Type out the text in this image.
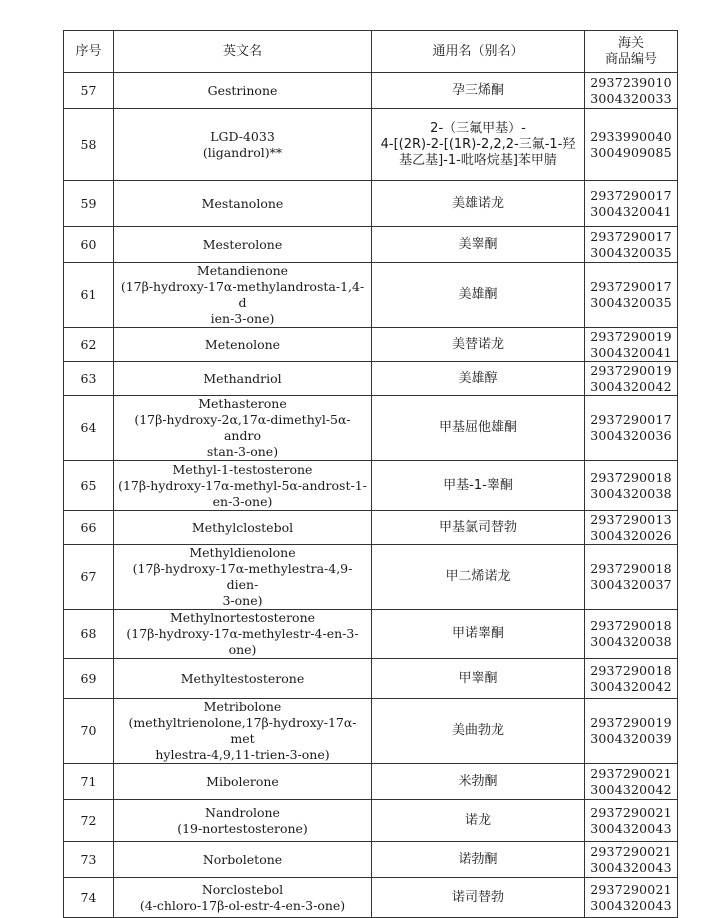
序号	英文名	通用名（别名）	海关
商品编号

57	Gestrinone	孕三烯酮	2937239010
3004320033

58	LGD-4033
(ligandrol)**	2-（三氟甲基）-
4-[(2R)-2-[(1R)-2,2,2-三氟-1-羟
基乙基]-1-吡咯烷基]苯甲腈	2933990040
3004909085

59	Mestanolone	美雄诺龙	2937290017
3004320041

60	Mesterolone	美睾酮	2937290017
3004320035

61	Metandienone
(17β-hydroxy-17α-methylandrosta-1,4-d
ien-3-one)	美雄酮	2937290017
3004320035

62	Metenolone	美替诺龙	2937290019
3004320041

63	Methandriol	美雄醇	2937290019
3004320042

64	Methasterone
(17β-hydroxy-2α,17α-dimethyl-5α-andro
stan-3-one)	甲基屈他雄酮	2937290017
3004320036

65	Methyl-1-testosterone
(17β-hydroxy-17α-methyl-5α-androst-1-
en-3-one)	甲基-1-睾酮	2937290018
3004320038

66	Methylclostebol	甲基氯司替勃	2937290013
3004320026

67	Methyldienolone
(17β-hydroxy-17α-methylestra-4,9-dien-
3-one)	甲二烯诺龙	2937290018
3004320037

68	Methylnortestosterone
(17β-hydroxy-17α-methylestr-4-en-3-one)	甲诺睾酮	2937290018
3004320038

69	Methyltestosterone	甲睾酮	2937290018
3004320042

70	Metribolone
(methyltrienolone,17β-hydroxy-17α-met
hylestra-4,9,11-trien-3-one)	美曲勃龙	2937290019
3004320039

71	Mibolerone	米勃酮	2937290021
3004320042

72	Nandrolone
(19-nortestosterone)	诺龙	2937290021
3004320043

73	Norboletone	诺勃酮	2937290021
3004320043

74	Norclostebol
(4-chloro-17β-ol-estr-4-en-3-one)	诺司替勃	2937290021
3004320043
